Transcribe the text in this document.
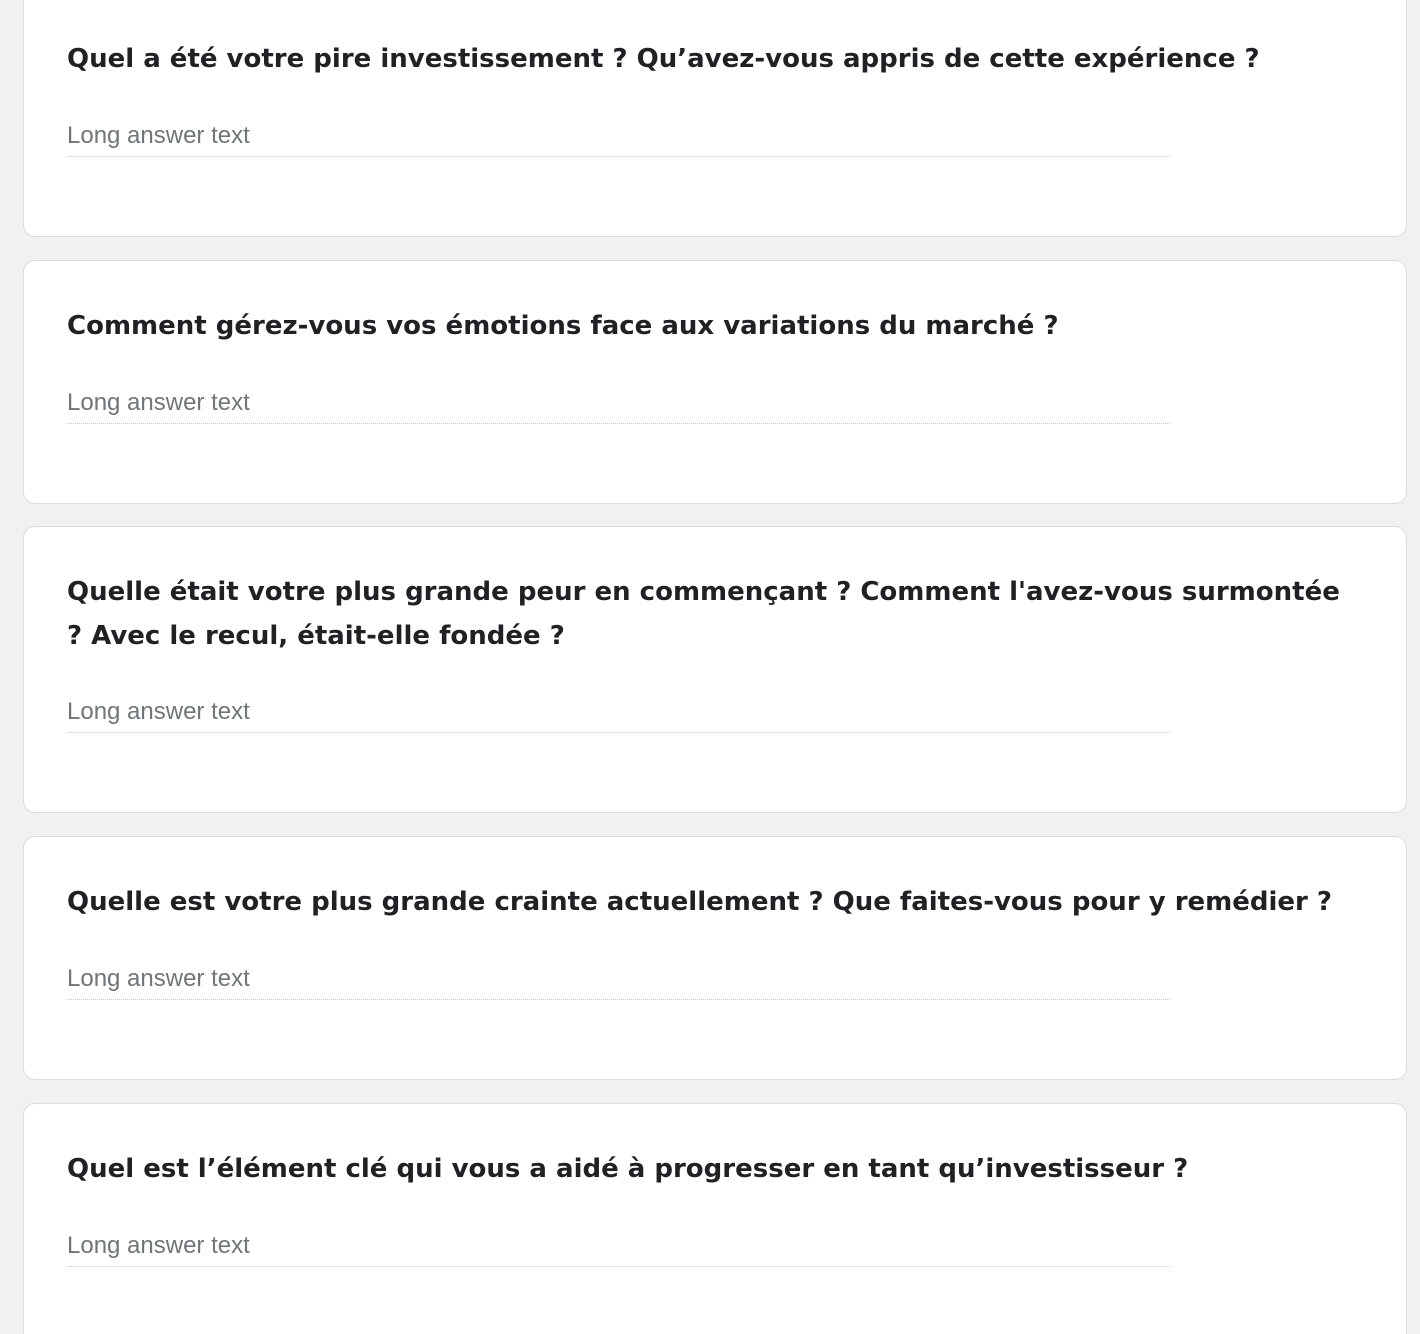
Quel a été votre pire investissement ? Qu’avez-vous appris de cette expérience ?
Long answer text
Comment gérez-vous vos émotions face aux variations du marché ?
Long answer text
Quelle était votre plus grande peur en commençant ? Comment l'avez-vous surmontée ? Avec le recul, était-elle fondée ?
Long answer text
Quelle est votre plus grande crainte actuellement ? Que faites-vous pour y remédier ?
Long answer text
Quel est l’élément clé qui vous a aidé à progresser en tant qu’investisseur ?
Long answer text
